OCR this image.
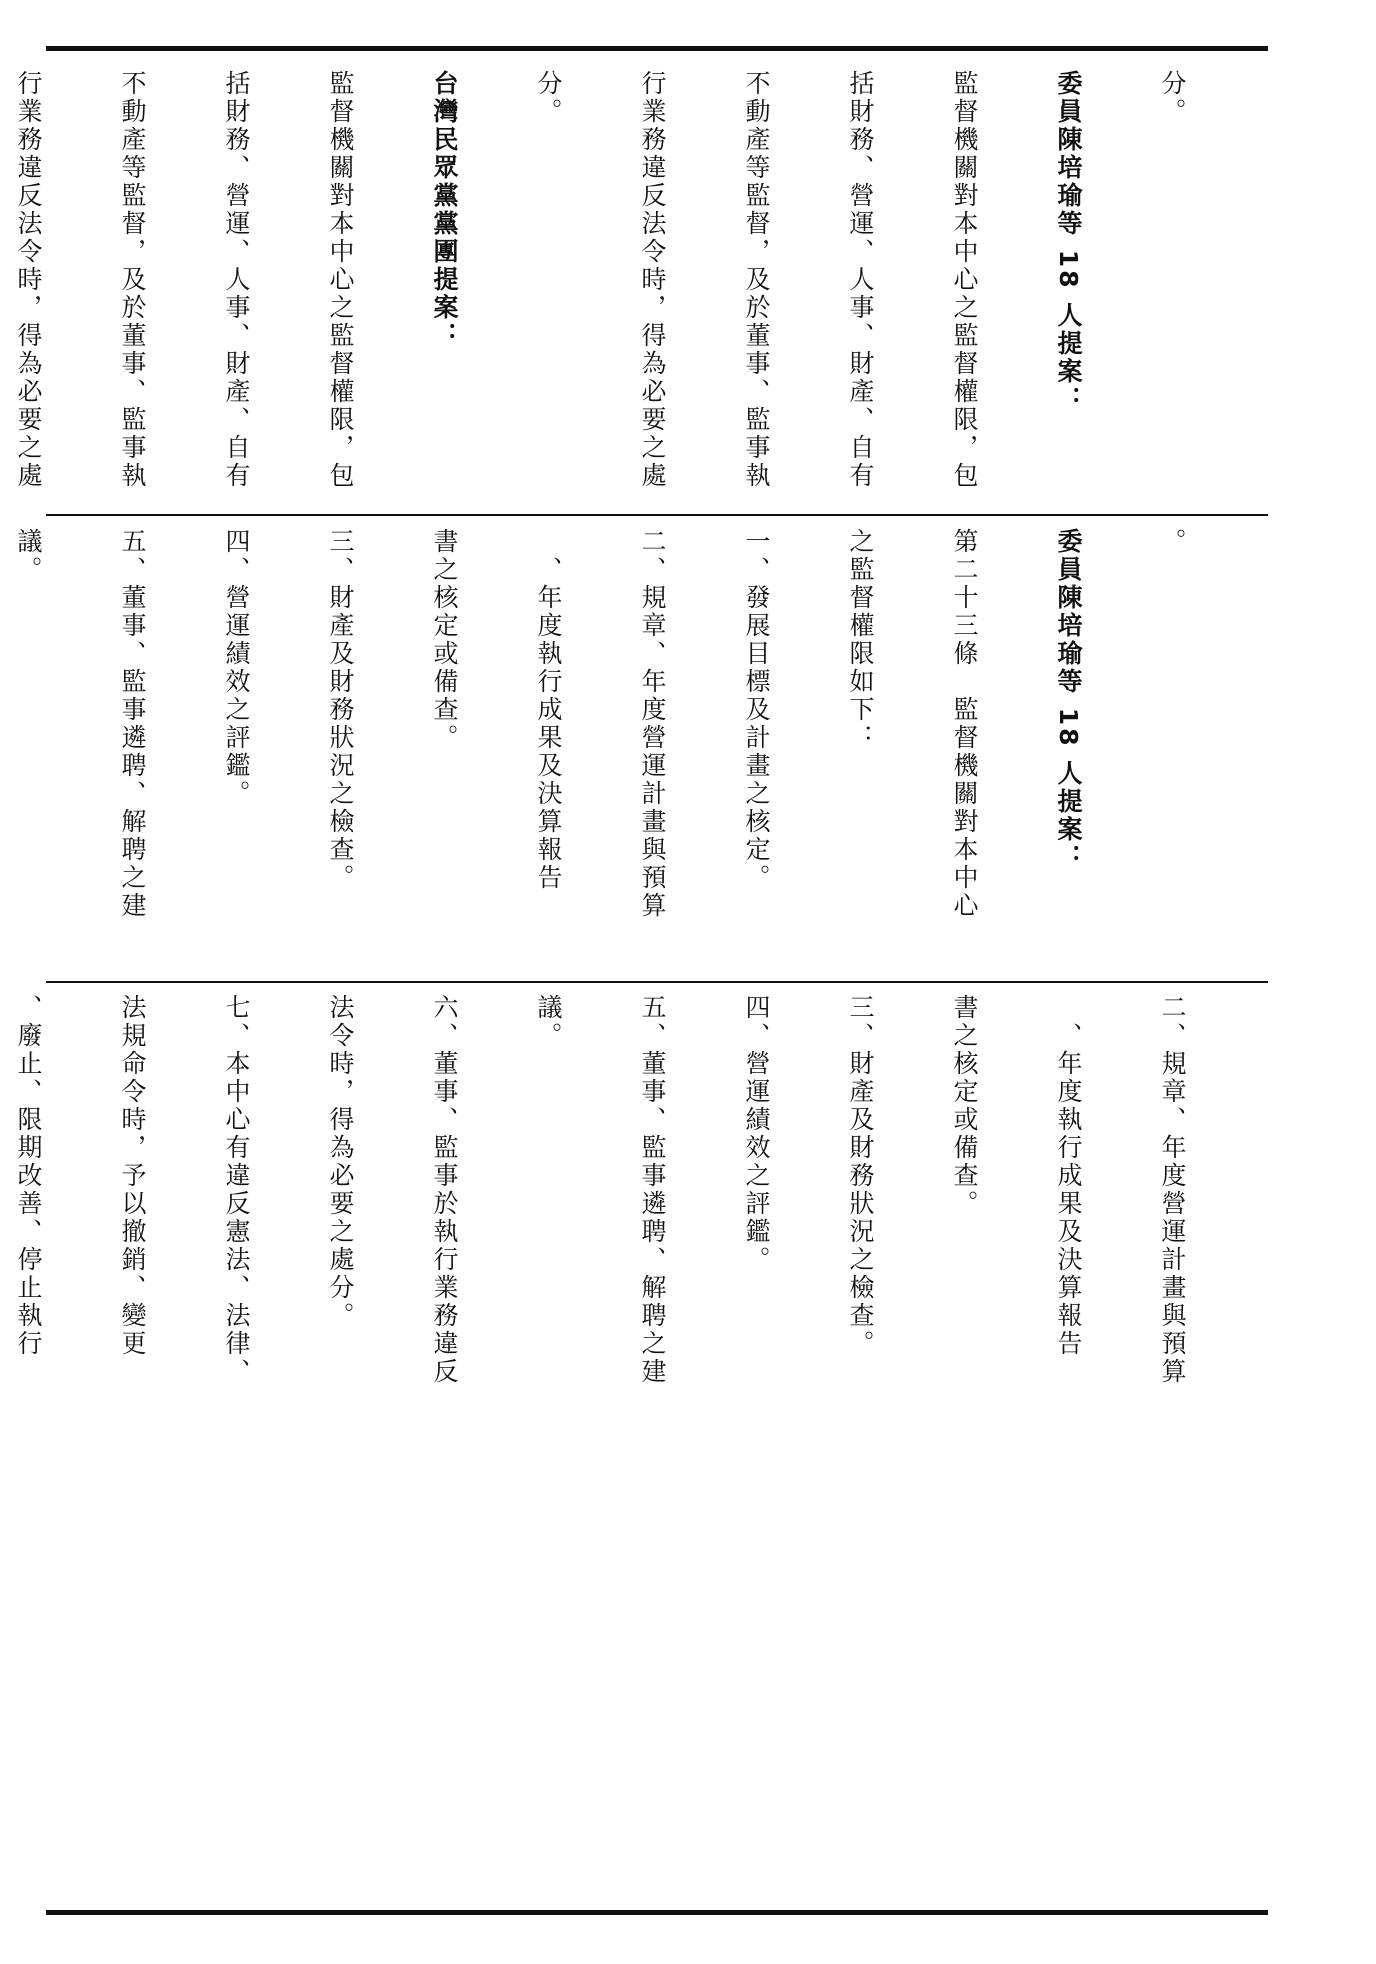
分。

委員陳培瑜等 18 人提案：

監督機關對本中心之監督權限，包

括財務、營運、人事、財產、自有

不動產等監督，及於董事、監事執

行業務違反法令時，得為必要之處

分。

台灣民眾黨黨團提案：

監督機關對本中心之監督權限，包

括財務、營運、人事、財產、自有

不動產等監督，及於董事、監事執

行業務違反法令時，得為必要之處

。

委員陳培瑜等 18 人提案：

第二十三條　監督機關對本中心

之監督權限如下：

一、發展目標及計畫之核定。

二、規章、年度營運計畫與預算

　、年度執行成果及決算報告

書之核定或備查。

三、財產及財務狀況之檢查。

四、營運績效之評鑑。

五、董事、監事遴聘、解聘之建

議。

二、規章、年度營運計畫與預算

　、年度執行成果及決算報告

書之核定或備查。

三、財產及財務狀況之檢查。

四、營運績效之評鑑。

五、董事、監事遴聘、解聘之建

議。

六、董事、監事於執行業務違反

法令時，得為必要之處分。

七、本中心有違反憲法、法律、

法規命令時，予以撤銷、變更

、廢止、限期改善、停止執行
